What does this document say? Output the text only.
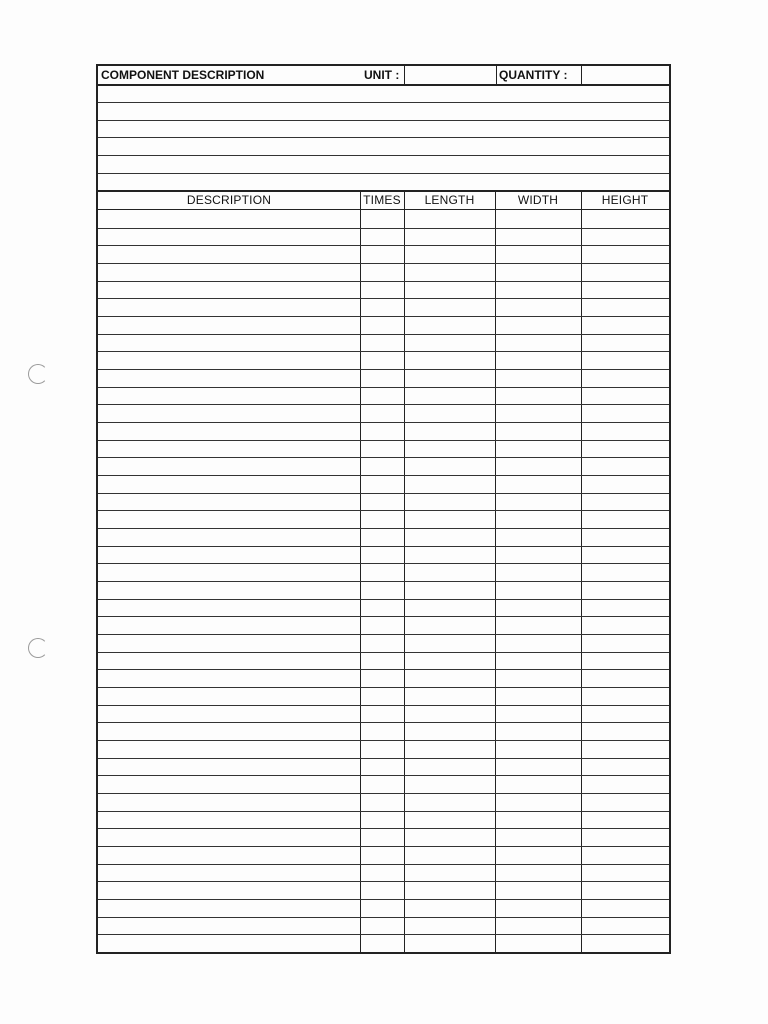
COMPONENT DESCRIPTION	UNIT :	QUANTITY :
DESCRIPTION	TIMES	LENGTH	WIDTH	HEIGHT
